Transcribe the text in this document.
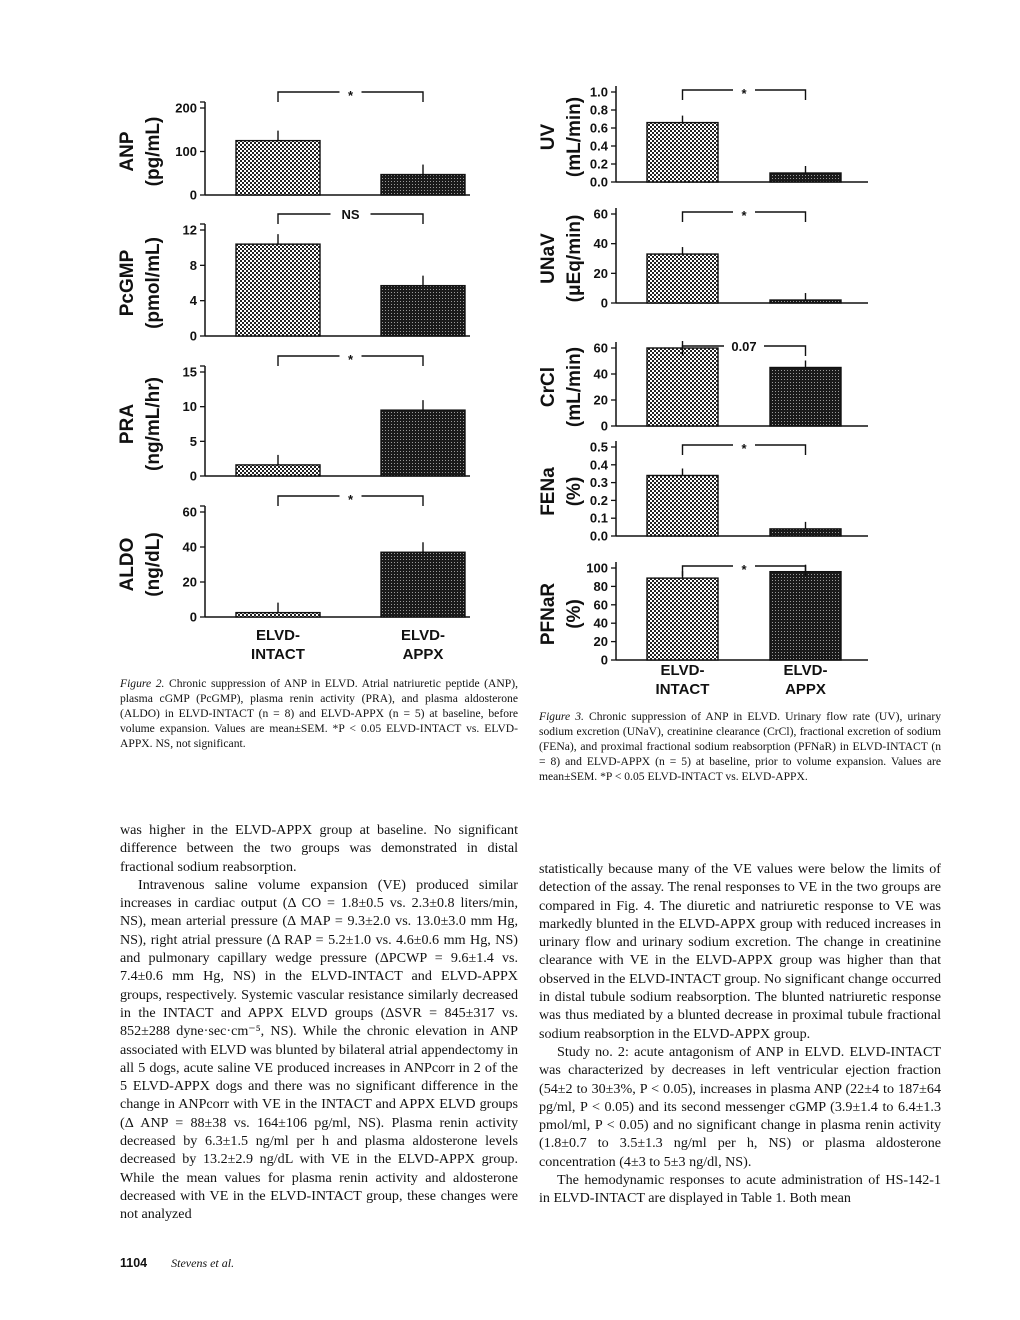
ANP (pg/mL)
0
100
200
*
PcGMP (pmol/mL)
0
4
8
12
NS
PRA (ng/mL/hr)
0
5
10
15
*
ALDO (ng/dL)
0
20
40
60
*
ELVD-
INTACT
ELVD-
APPX
UV (mL/min)
0.0
0.2
0.4
0.6
0.8
1.0	*
UNaV (μEq/min)
0
20
40
60	*
CrCl (mL/min) 0
20
40
60	0.07
FENa (%)
0.0
0.1
0.2
0.3
0.4
0.5	*
PFNaR (%)
0
20
40
60
80
100	*
ELVD-
INTACT
ELVD-
APPX
Figure 2. Chronic suppression of ANP in ELVD. Atrial natriuretic peptide (ANP), plasma cGMP (PcGMP), plasma renin activity (PRA), and plasma aldosterone (ALDO) in ELVD-INTACT (n = 8) and ELVD-APPX (n = 5) at baseline, before volume expansion. Values are mean±SEM. *P < 0.05 ELVD-INTACT vs. ELVD-APPX. NS, not significant.
Figure 3. Chronic suppression of ANP in ELVD. Urinary flow rate (UV), urinary sodium excretion (UNaV), creatinine clearance (CrCl), fractional excretion of sodium (FENa), and proximal fractional sodium reabsorption (PFNaR) in ELVD-INTACT (n = 8) and ELVD-APPX (n = 5) at baseline, prior to volume expansion. Values are mean±SEM. *P < 0.05 ELVD-INTACT vs. ELVD-APPX.

was higher in the ELVD-APPX group at baseline. No significant difference between the two groups was demonstrated in distal fractional sodium reabsorption.

Intravenous saline volume expansion (VE) produced similar increases in cardiac output (Δ CO = 1.8±0.5 vs. 2.3±0.8 liters/min, NS), mean arterial pressure (Δ MAP = 9.3±2.0 vs. 13.0±3.0 mm Hg, NS), right atrial pressure (Δ RAP = 5.2±1.0 vs. 4.6±0.6 mm Hg, NS) and pulmonary capillary wedge pressure (ΔPCWP = 9.6±1.4 vs. 7.4±0.6 mm Hg, NS) in the ELVD-INTACT and ELVD-APPX groups, respectively. Systemic vascular resistance similarly decreased in the INTACT and APPX ELVD groups (ΔSVR = 845±317 vs. 852±288 dyne·sec·cm⁻⁵, NS). While the chronic elevation in ANP associated with ELVD was blunted by bilateral atrial appendectomy in all 5 dogs, acute saline VE produced increases in ANPcorr in 2 of the 5 ELVD-APPX dogs and there was no significant difference in the change in ANPcorr with VE in the INTACT and APPX ELVD groups (Δ ANP = 88±38 vs. 164±106 pg/ml, NS). Plasma renin activity decreased by 6.3±1.5 ng/ml per h and plasma aldosterone levels decreased by 13.2±2.9 ng/dL with VE in the ELVD-APPX group. While the mean values for plasma renin activity and aldosterone decreased with VE in the ELVD-INTACT group, these changes were not analyzed

statistically because many of the VE values were below the limits of detection of the assay. The renal responses to VE in the two groups are compared in Fig. 4. The diuretic and natriuretic response to VE was markedly blunted in the ELVD-APPX group with reduced increases in urinary flow and urinary sodium excretion. The change in creatinine clearance with VE in the ELVD-APPX group was higher than that observed in the ELVD-INTACT group. No significant change occurred in distal tubule sodium reabsorption. The blunted natriuretic response was thus mediated by a blunted decrease in proximal tubule fractional sodium reabsorption in the ELVD-APPX group.

Study no. 2: acute antagonism of ANP in ELVD. ELVD-INTACT was characterized by decreases in left ventricular ejection fraction (54±2 to 30±3%, P < 0.05), increases in plasma ANP (22±4 to 187±64 pg/ml, P < 0.05) and its second messenger cGMP (3.9±1.4 to 6.4±1.3 pmol/ml, P < 0.05) and no significant change in plasma renin activity (1.8±0.7 to 3.5±1.3 ng/ml per h, NS) or plasma aldosterone concentration (4±3 to 5±3 ng/dl, NS).

The hemodynamic responses to acute administration of HS-142-1 in ELVD-INTACT are displayed in Table 1. Both mean

1104 Stevens et al.
